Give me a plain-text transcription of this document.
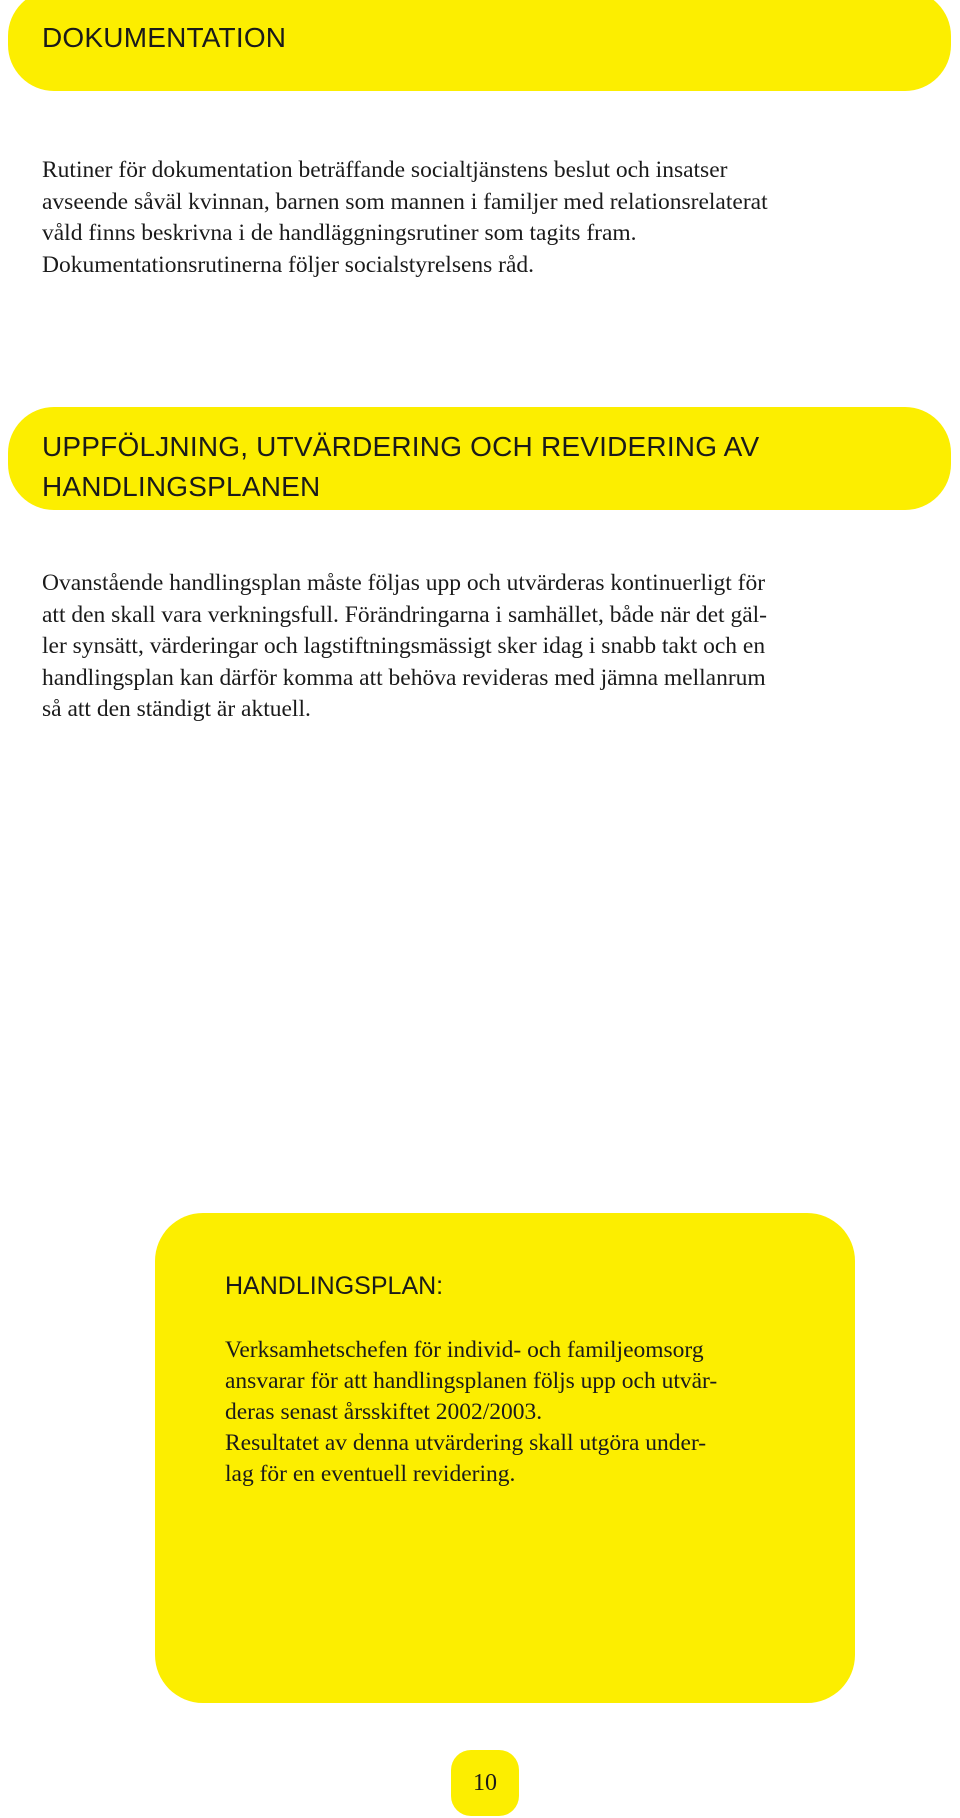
DOKUMENTATION

Rutiner för dokumentation beträffande socialtjänstens beslut och insatser
avseende såväl kvinnan, barnen som mannen i familjer med relationsrelaterat
våld finns beskrivna i de handläggningsrutiner som tagits fram.
Dokumentationsrutinerna följer socialstyrelsens råd.

UPPFÖLJNING, UTVÄRDERING OCH REVIDERING AV
HANDLINGSPLANEN

Ovanstående handlingsplan måste följas upp och utvärderas kontinuerligt för
att den skall vara verkningsfull. Förändringarna i samhället, både när det gäl-
ler synsätt, värderingar och lagstiftningsmässigt sker idag i snabb takt och en
handlingsplan kan därför komma att behöva revideras med jämna mellanrum
så att den ständigt är aktuell.

HANDLINGSPLAN:

Verksamhetschefen för individ- och familjeomsorg
ansvarar för att handlingsplanen följs upp och utvär-
deras senast årsskiftet 2002/2003.
Resultatet av denna utvärdering skall utgöra under-
lag för en eventuell revidering.

10
